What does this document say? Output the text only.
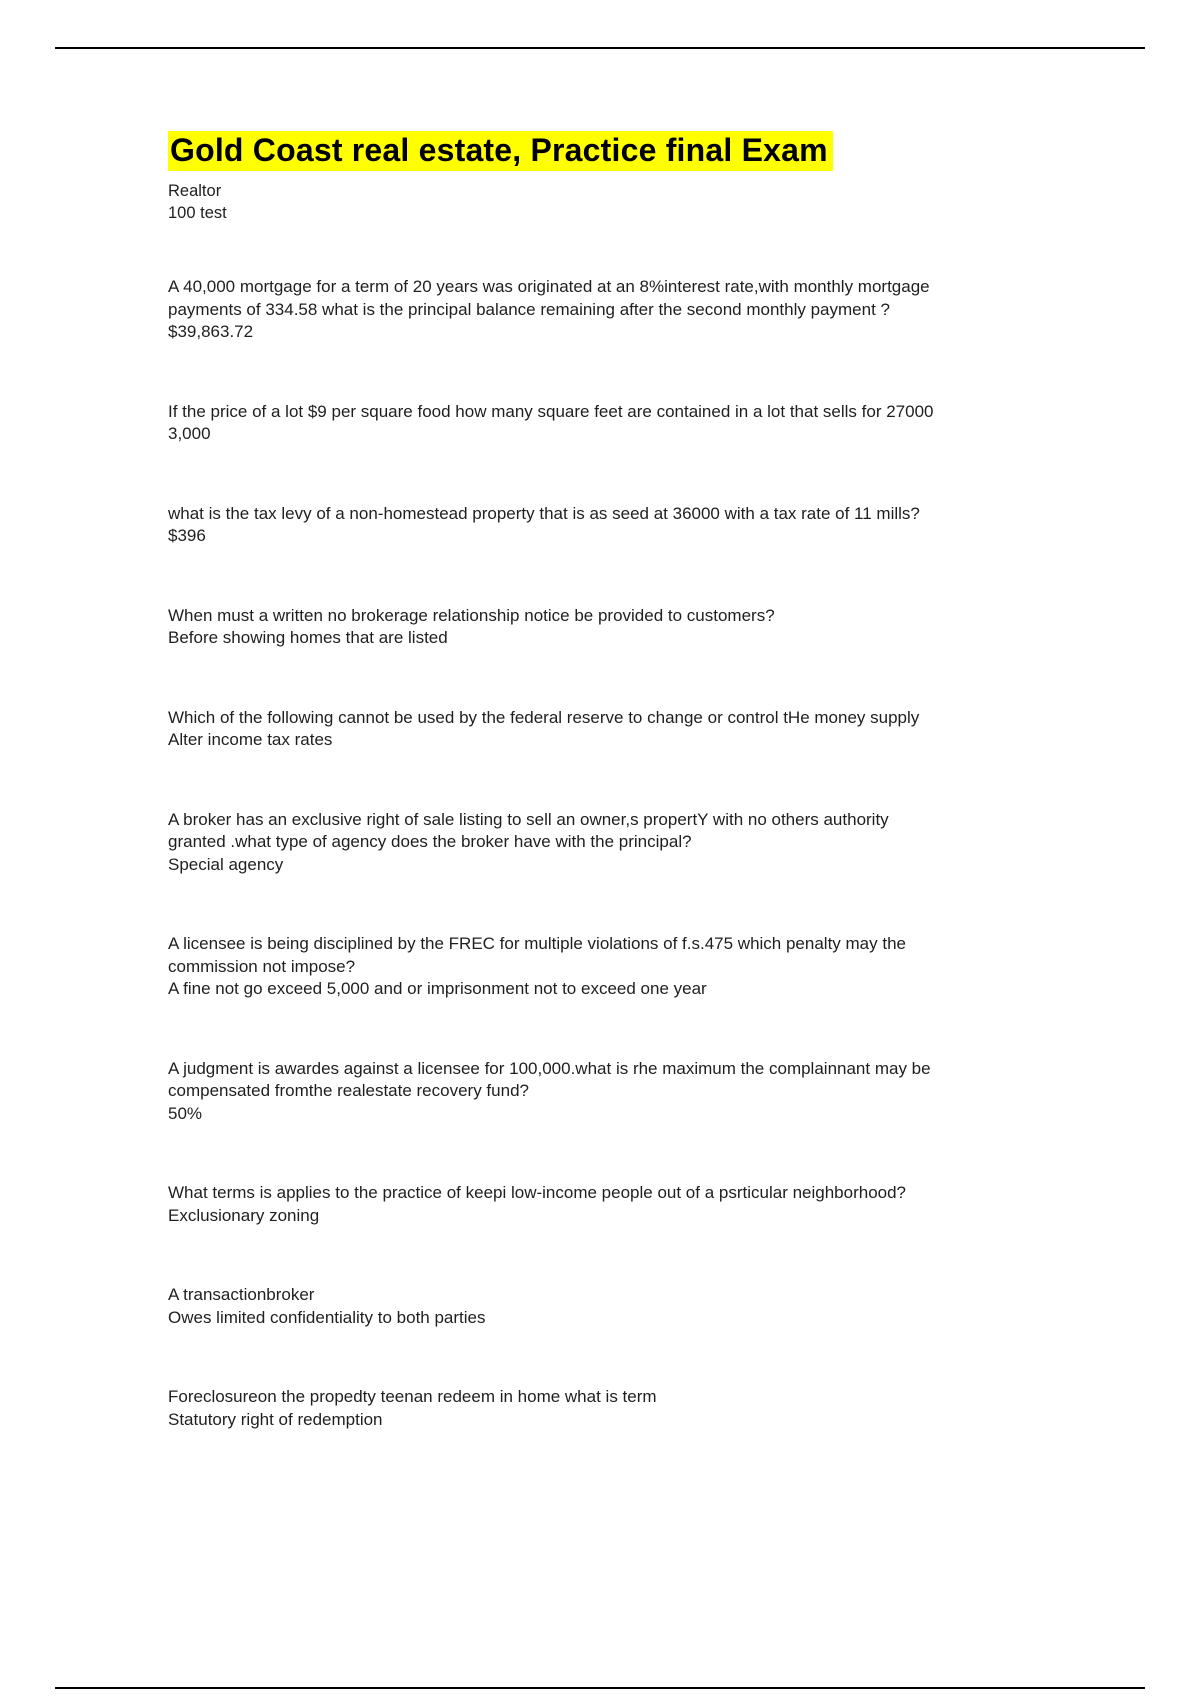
Gold Coast real estate, Practice final Exam

Realtor

100 test

A 40,000 mortgage for a term of 20 years was originated at an 8%interest rate,with monthly mortgage payments of 334.58 what is the principal balance remaining after the second monthly payment ?

$39,863.72

If the price of a lot $9 per square food how many square feet are contained in a lot that sells for 27000

3,000

what is the tax levy of a non-homestead property that is as seed at 36000 with a tax rate of 11 mills?

$396

When must a written no brokerage relationship notice be provided to customers?

Before showing homes that are listed

Which of the following cannot be used by the federal reserve to change or control tHe money supply

Alter income tax rates

A broker has an exclusive right of sale listing to sell an owner,s propertY with no others authority granted .what type of agency does the broker have with the principal?

Special agency

A licensee is being disciplined by the FREC for multiple violations of f.s.475 which penalty may the commission not impose?

A fine not go exceed 5,000 and or imprisonment not to exceed one year

A judgment is awardes against a licensee for 100,000.what is rhe maximum the complainnant may be compensated fromthe realestate recovery fund?

50%

What terms is applies to the practice of keepi low-income people out of a psrticular neighborhood?

Exclusionary zoning

A transactionbroker

Owes limited confidentiality to both parties

Foreclosureon the propedty teenan redeem in home what is term

Statutory right of redemption
